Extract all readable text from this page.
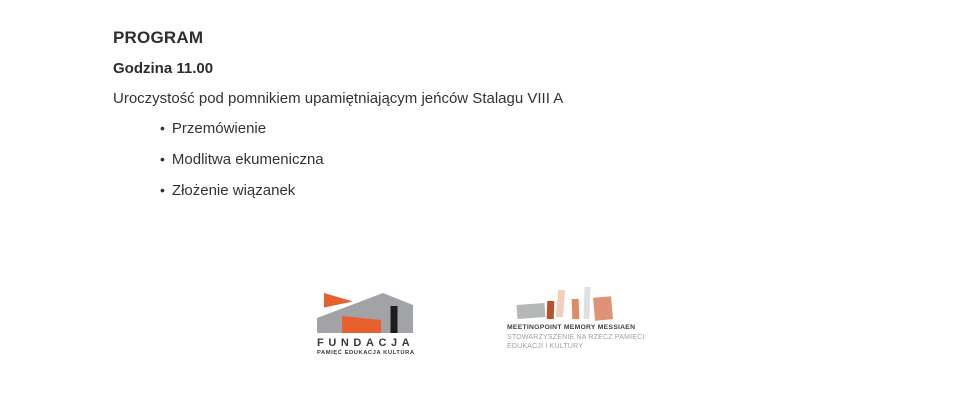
PROGRAM
Godzina 11.00
Uroczystość pod pomnikiem upamiętniającym jeńców Stalagu VIII A
• Przemówienie
• Modlitwa ekumeniczna
• Złożenie wiązanek
FUNDACJA
PAMIĘĆ EDUKACJA KULTURA
MEETINGPOINT MEMORY MESSIAEN
STOWARZYSZENIE NA RZECZ PAMIĘCI
EDUKACJI I KULTURY
